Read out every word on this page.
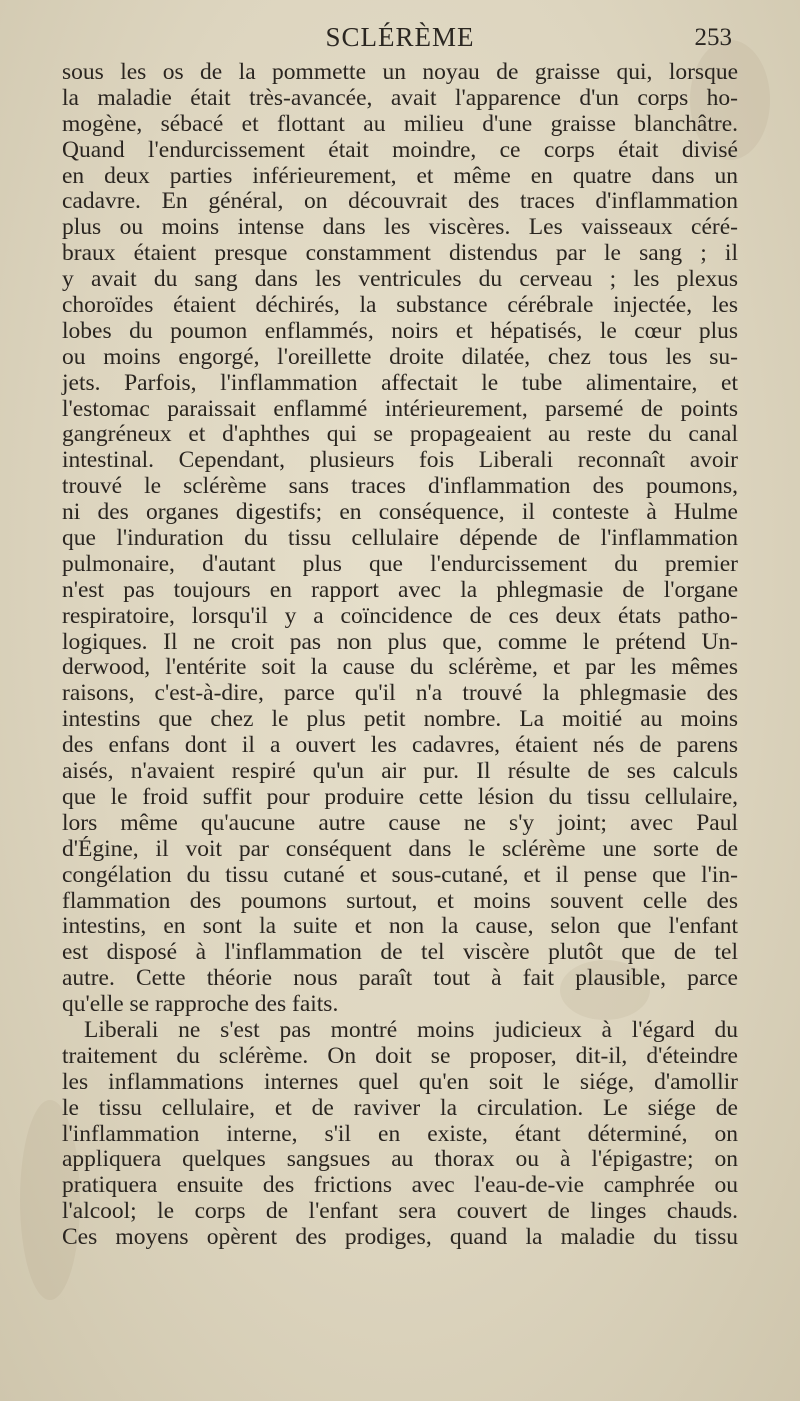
SCLÉRÈME	253
sous les os de la pommette un noyau de graisse qui, lorsque
la maladie était très-avancée, avait l'apparence d'un corps ho-
mogène, sébacé et flottant au milieu d'une graisse blanchâtre.
Quand l'endurcissement était moindre, ce corps était divisé
en deux parties inférieurement, et même en quatre dans un
cadavre. En général, on découvrait des traces d'inflammation
plus ou moins intense dans les viscères. Les vaisseaux céré-
braux étaient presque constamment distendus par le sang ; il
y avait du sang dans les ventricules du cerveau ; les plexus
choroïdes étaient déchirés, la substance cérébrale injectée, les
lobes du poumon enflammés, noirs et hépatisés, le cœur plus
ou moins engorgé, l'oreillette droite dilatée, chez tous les su-
jets. Parfois, l'inflammation affectait le tube alimentaire, et
l'estomac paraissait enflammé intérieurement, parsemé de points
gangréneux et d'aphthes qui se propageaient au reste du canal
intestinal. Cependant, plusieurs fois Liberali reconnaît avoir
trouvé le sclérème sans traces d'inflammation des poumons,
ni des organes digestifs; en conséquence, il conteste à Hulme
que l'induration du tissu cellulaire dépende de l'inflammation
pulmonaire, d'autant plus que l'endurcissement du premier
n'est pas toujours en rapport avec la phlegmasie de l'organe
respiratoire, lorsqu'il y a coïncidence de ces deux états patho-
logiques. Il ne croit pas non plus que, comme le prétend Un-
derwood, l'entérite soit la cause du sclérème, et par les mêmes
raisons, c'est-à-dire, parce qu'il n'a trouvé la phlegmasie des
intestins que chez le plus petit nombre. La moitié au moins
des enfans dont il a ouvert les cadavres, étaient nés de parens
aisés, n'avaient respiré qu'un air pur. Il résulte de ses calculs
que le froid suffit pour produire cette lésion du tissu cellulaire,
lors même qu'aucune autre cause ne s'y joint; avec Paul
d'Égine, il voit par conséquent dans le sclérème une sorte de
congélation du tissu cutané et sous-cutané, et il pense que l'in-
flammation des poumons surtout, et moins souvent celle des
intestins, en sont la suite et non la cause, selon que l'enfant
est disposé à l'inflammation de tel viscère plutôt que de tel
autre. Cette théorie nous paraît tout à fait plausible, parce
qu'elle se rapproche des faits.
Liberali ne s'est pas montré moins judicieux à l'égard du
traitement du sclérème. On doit se proposer, dit-il, d'éteindre
les inflammations internes quel qu'en soit le siége, d'amollir
le tissu cellulaire, et de raviver la circulation. Le siége de
l'inflammation interne, s'il en existe, étant déterminé, on
appliquera quelques sangsues au thorax ou à l'épigastre; on
pratiquera ensuite des frictions avec l'eau-de-vie camphrée ou
l'alcool; le corps de l'enfant sera couvert de linges chauds.
Ces moyens opèrent des prodiges, quand la maladie du tissu
